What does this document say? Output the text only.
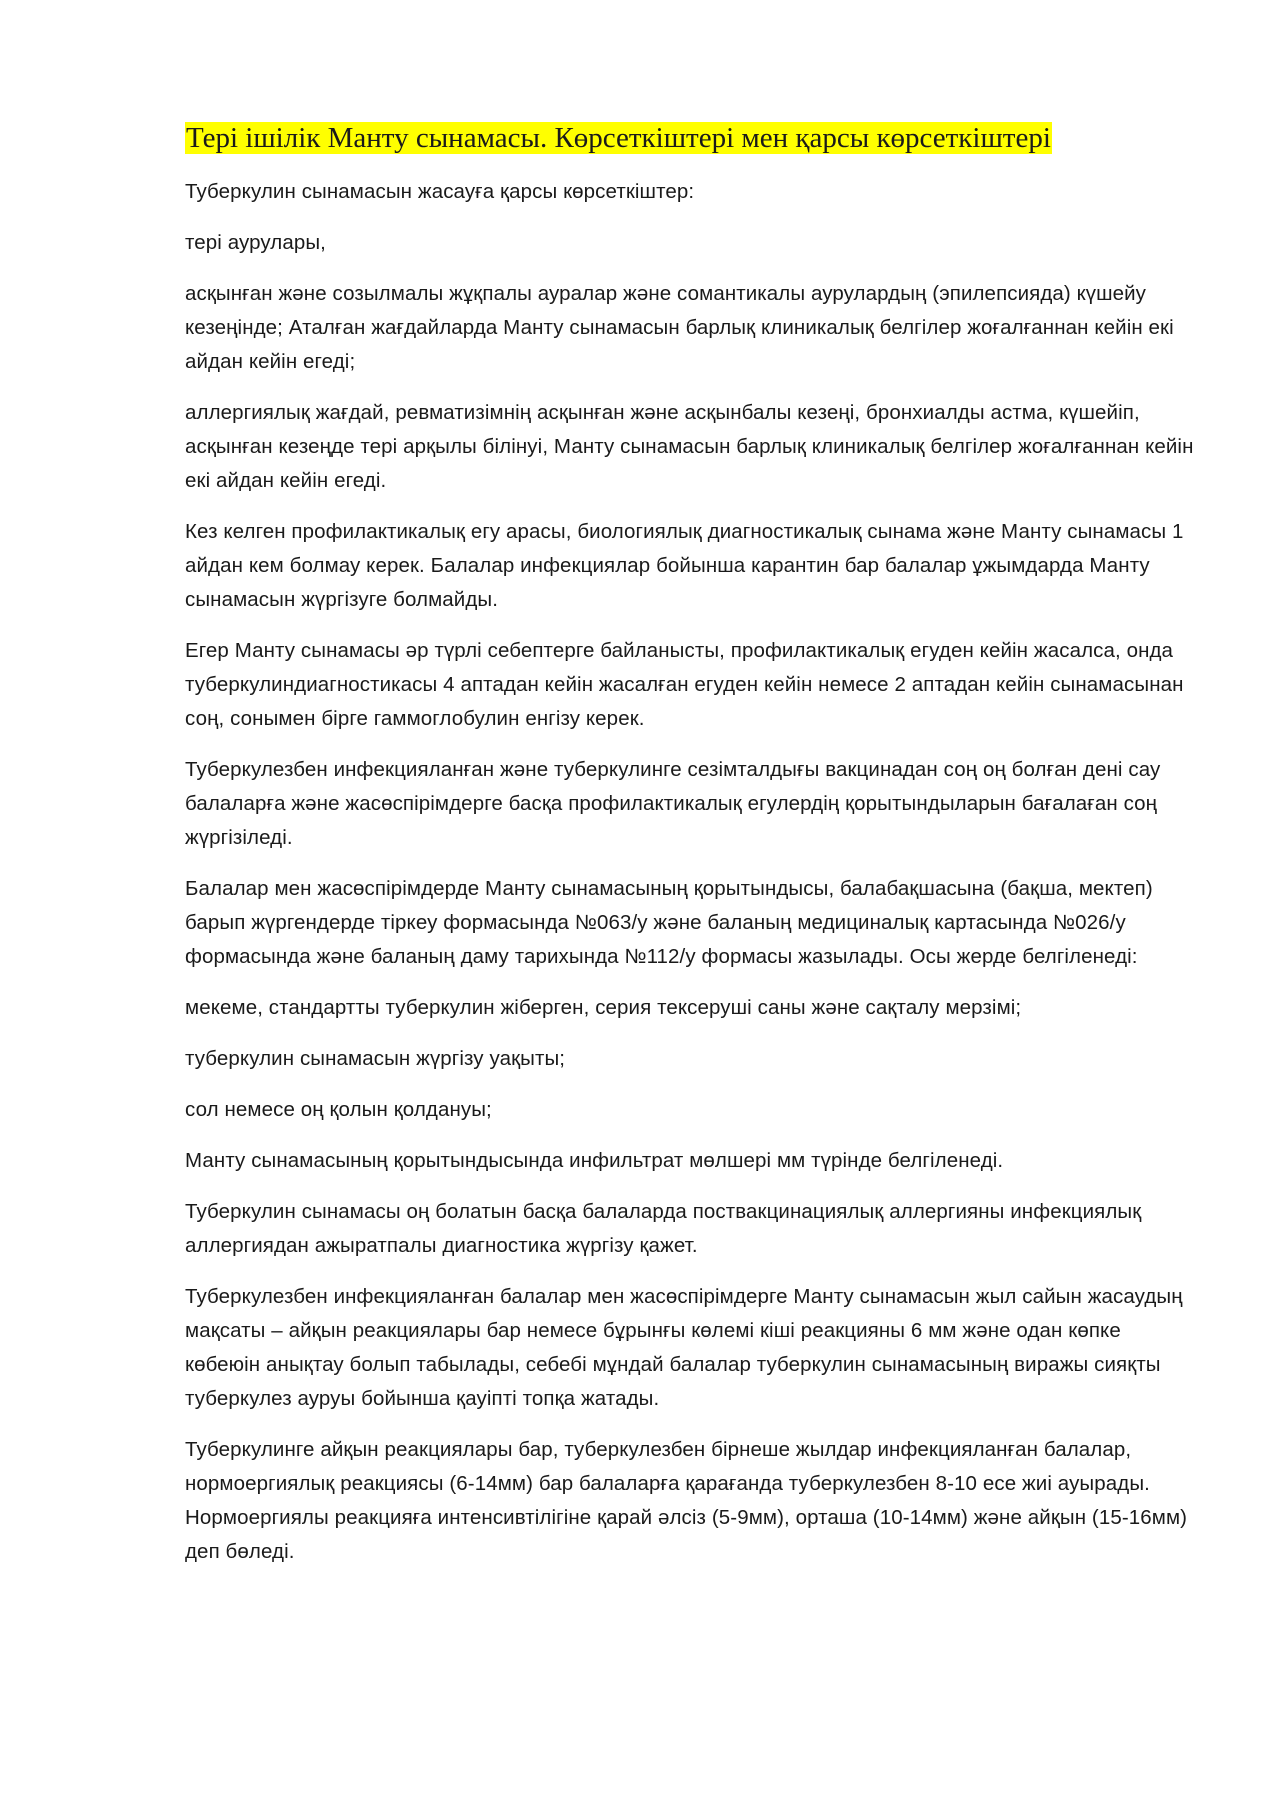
Тері ішілік Манту сынамасы. Көрсеткіштері мен қарсы көрсеткіштері

Туберкулин сынамасын жасауға қарсы көрсеткіштер:

тері аурулары,

асқынған және созылмалы жұқпалы ауралар және сомантикалы аурулардың (эпилепсияда) күшейу кезеңінде; Аталған жағдайларда Манту сынамасын барлық клиникалық белгілер жоғалғаннан кейін екі айдан кейін егеді;

аллергиялық жағдай, ревматизімнің асқынған және асқынбалы кезеңі, бронхиалды астма, күшейіп, асқынған кезеңде тері арқылы білінуі, Манту сынамасын барлық клиникалық белгілер жоғалғаннан кейін екі айдан кейін егеді.

Кез келген профилактикалық егу арасы, биологиялық диагностикалық сынама және Манту сынамасы 1 айдан кем болмау керек. Балалар инфекциялар бойынша карантин бар балалар ұжымдарда Манту сынамасын жүргізуге болмайды.

Егер Манту сынамасы әр түрлі себептерге байланысты, профилактикалық егуден кейін жасалса, онда туберкулиндиагностикасы 4 аптадан кейін жасалған егуден кейін немесе 2 аптадан кейін сынамасынан соң, сонымен бірге гаммоглобулин енгізу керек.

Туберкулезбен инфекцияланған және туберкулинге сезімталдығы вакцинадан соң оң болған дені сау балаларға және жасөспірімдерге басқа профилактикалық егулердің қорытындыларын бағалаған соң жүргізіледі.

Балалар мен жасөспірімдерде Манту сынамасының қорытындысы, балабақшасына (бақша, мектеп) барып жүргендерде тіркеу формасында №063/у және баланың медициналық картасында №026/у формасында және баланың даму тарихында №112/у формасы жазылады. Осы жерде белгіленеді:

мекеме, стандартты туберкулин жіберген, серия тексеруші саны және сақталу мерзімі;

туберкулин сынамасын жүргізу уақыты;

сол немесе оң қолын қолдануы;

Манту сынамасының қорытындысында инфильтрат мөлшері мм түрінде белгіленеді.

Туберкулин сынамасы оң болатын басқа балаларда поствакцинациялық аллергияны инфекциялық аллергиядан ажыратпалы диагностика жүргізу қажет.

Туберкулезбен инфекцияланған балалар мен жасөспірімдерге Манту сынамасын жыл сайын жасаудың мақсаты – айқын реакциялары бар немесе бұрынғы көлемі кіші реакцияны 6 мм және одан көпке көбеюін анықтау болып табылады, себебі мұндай балалар туберкулин сынамасының виражы сияқты туберкулез ауруы бойынша қауіпті топқа жатады.

Туберкулинге айқын реакциялары бар, туберкулезбен бірнеше жылдар инфекцияланған балалар, нормоергиялық реакциясы (6-14мм) бар балаларға қарағанда туберкулезбен 8-10 есе жиі ауырады. Нормоергиялы реакцияға интенсивтілігіне қарай әлсіз (5-9мм), орташа (10-14мм) және айқын (15-16мм) деп бөледі.
